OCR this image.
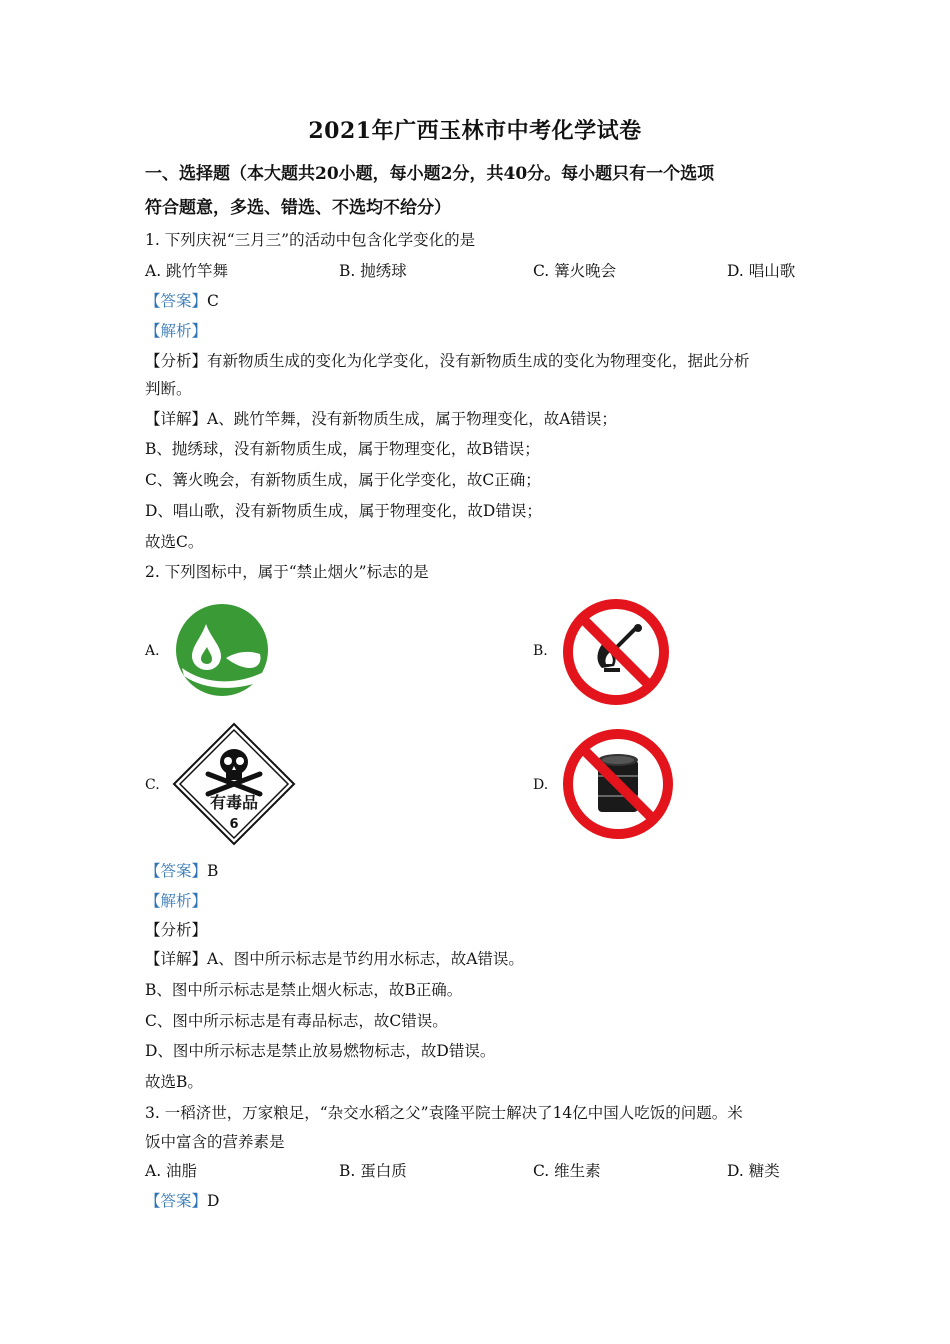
2021年广西玉林市中考化学试卷
一、选择题（本大题共20小题，每小题2分，共40分。每小题只有一个选项
符合题意，多选、错选、不选均不给分）
1. 下列庆祝“三月三”的活动中包含化学变化的是
A. 跳竹竿舞	B. 抛绣球	C. 篝火晚会	D. 唱山歌
【答案】C
【解析】
【分析】有新物质生成的变化为化学变化，没有新物质生成的变化为物理变化，据此分析
判断。
【详解】A、跳竹竿舞，没有新物质生成，属于物理变化，故A错误；
B、抛绣球，没有新物质生成，属于物理变化，故B错误；
C、篝火晚会，有新物质生成，属于化学变化，故C正确；
D、唱山歌，没有新物质生成，属于物理变化，故D错误；
故选C。
2. 下列图标中，属于“禁止烟火”标志的是
A.	B.
C.
有毒品
6
D.
【答案】B
【解析】
【分析】
【详解】A、图中所示标志是节约用水标志，故A错误。
B、图中所示标志是禁止烟火标志，故B正确。
C、图中所示标志是有毒品标志，故C错误。
D、图中所示标志是禁止放易燃物标志，故D错误。
故选B。
3. 一稻济世，万家粮足，“杂交水稻之父”袁隆平院士解决了14亿中国人吃饭的问题。米
饭中富含的营养素是
A. 油脂	B. 蛋白质	C. 维生素	D. 糖类
【答案】D
